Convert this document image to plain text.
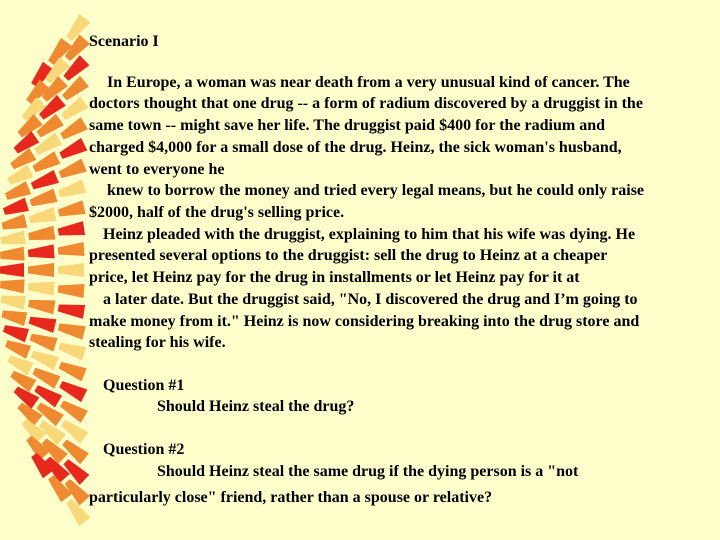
Scenario I
In Europe, a woman was near death from a very unusual kind of cancer. The
doctors thought that one drug -- a form of radium discovered by a druggist in the
same town -- might save her life. The druggist paid $400 for the radium and
charged $4,000 for a small dose of the drug. Heinz, the sick woman's husband,
went to everyone he
knew to borrow the money and tried every legal means, but he could only raise
$2000, half of the drug's selling price.
Heinz pleaded with the druggist, explaining to him that his wife was dying. He
presented several options to the druggist: sell the drug to Heinz at a cheaper
price, let Heinz pay for the drug in installments or let Heinz pay for it at
a later date. But the druggist said, "No, I discovered the drug and I’m going to
make money from it." Heinz is now considering breaking into the drug store and
stealing for his wife.
Question #1
Should Heinz steal the drug?
Question #2
Should Heinz steal the same drug if the dying person is a "not
particularly close" friend, rather than a spouse or relative?
